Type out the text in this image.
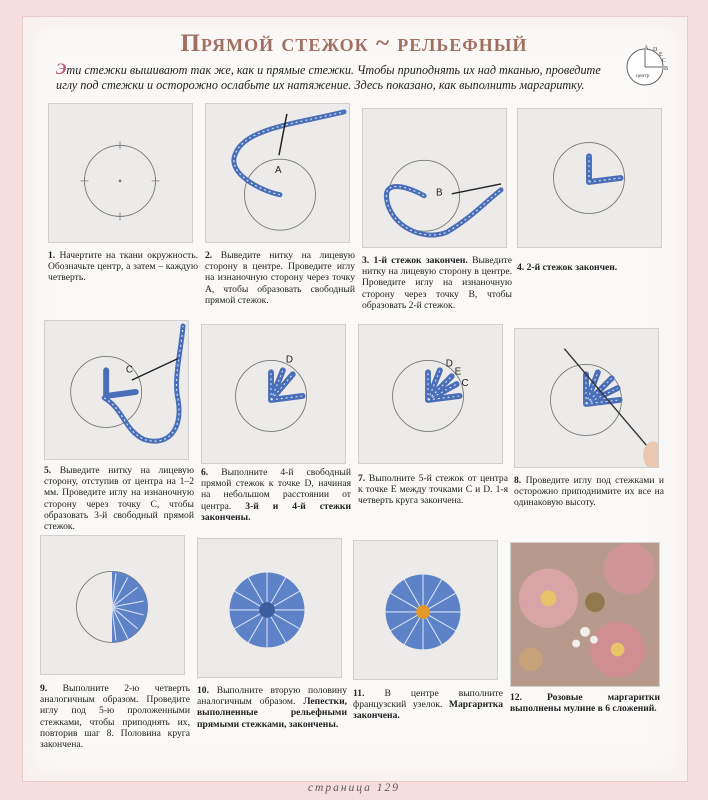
Прямой стежок ~ рельефный
Эти стежки вышивают так же, как и прямые стежки. Чтобы приподнять их над тканью, проведите иглу под стежки и осторожно ослабьте их натяжение. Здесь показано, как выполнить маргаритку.
A D
E
C
B
центр
A
B
1. Начертите на ткани окружность. Обозначьте центр, а затем – каждую четверть.
2. Выведите нитку на лицевую сторону в центре. Проведите иглу на изнаночную сторону через точку А, чтобы образовать свободный прямой стежок.
3. 1-й стежок закончен. Выведите нитку на лицевую сторону в центре. Проведите иглу на изнаночную сторону через точку В, чтобы образовать 2-й стежок.
4. 2-й стежок закончен.
C
D	D
E
C
5. Выведите нитку на лицевую сторону, отступив от центра на 1–2 мм. Проведите иглу на изнаночную сторону через точку С, чтобы образовать 3-й свободный прямой стежок.
6. Выполните 4-й свободный прямой стежок к точке D, начиная на небольшом расстоянии от центра. 3-й и 4-й стежки закончены.
7. Выполните 5-й стежок от центра к точке Е между точками С и D. 1-я четверть круга закончена.
8. Проведите иглу под стежками и осторожно приподнимите их все на одинаковую высоту.
9. Выполните 2-ю четверть аналогичным образом. Проведите иглу под 5-ю проложенными стежками, чтобы приподнять их, повторив шаг 8. Половина круга закончена.
10. Выполните вторую половину аналогичным образом. Лепестки, выполненные рельефными прямыми стежками, закончены.
11. В центре выполните французский узелок. Маргаритка закончена.
12.	Розовые маргаритки выполнены мулине в 6 сложений.
страница 129
